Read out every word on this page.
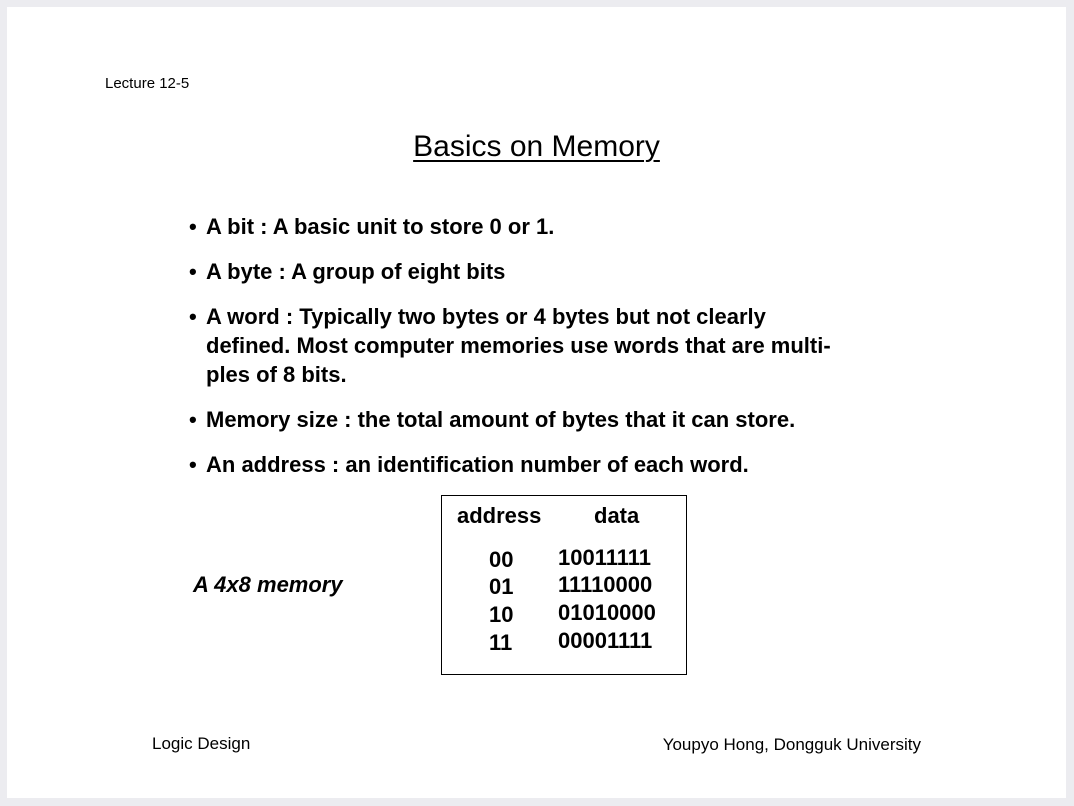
Lecture 12-5
Basics on Memory
• A bit : A basic unit to store 0 or 1.
• A byte : A group of eight bits
• A word : Typically two bytes or 4 bytes but not clearly
defined. Most computer memories use words that are multi-
ples of 8 bits.
• Memory size : the total amount of bytes that it can store.
• An address : an identification number of each word.
A 4x8 memory
address data
00 10011111
01 11110000
10 01010000
11 00001111
Logic Design	Youpyo Hong, Dongguk University
